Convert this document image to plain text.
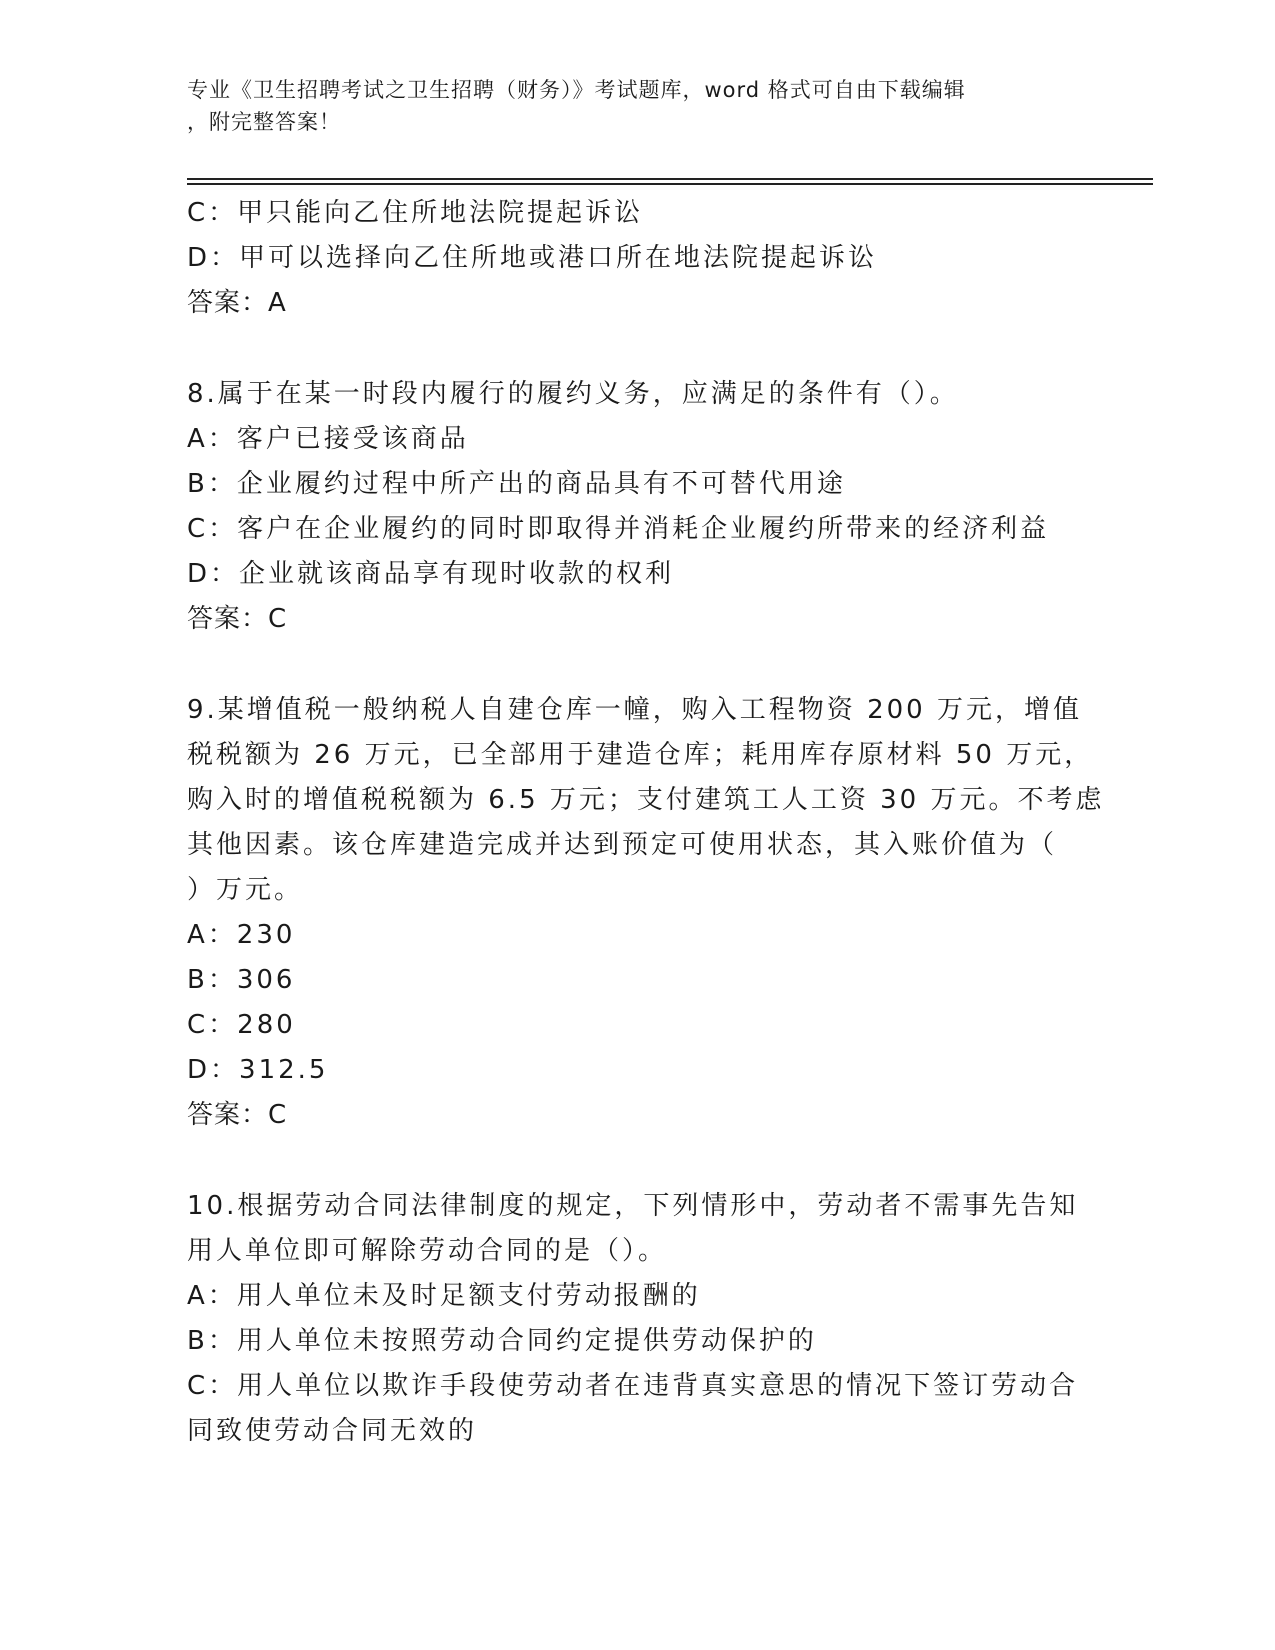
专业《卫生招聘考试之卫生招聘（财务）》考试题库，word 格式可自由下载编辑
，附完整答案！
C：甲只能向乙住所地法院提起诉讼
D：甲可以选择向乙住所地或港口所在地法院提起诉讼
答案：A
8.属于在某一时段内履行的履约义务，应满足的条件有（）。
A：客户已接受该商品
B：企业履约过程中所产出的商品具有不可替代用途
C：客户在企业履约的同时即取得并消耗企业履约所带来的经济利益
D：企业就该商品享有现时收款的权利
答案：C
9.某增值税一般纳税人自建仓库一幢，购入工程物资 200 万元，增值
税税额为 26 万元，已全部用于建造仓库；耗用库存原材料 50 万元，
购入时的增值税税额为 6.5 万元；支付建筑工人工资 30 万元。不考虑
其他因素。该仓库建造完成并达到预定可使用状态，其入账价值为（
）万元。
A：230
B：306
C：280
D：312.5
答案：C
10.根据劳动合同法律制度的规定，下列情形中，劳动者不需事先告知
用人单位即可解除劳动合同的是（）。
A：用人单位未及时足额支付劳动报酬的
B：用人单位未按照劳动合同约定提供劳动保护的
C：用人单位以欺诈手段使劳动者在违背真实意思的情况下签订劳动合
同致使劳动合同无效的
